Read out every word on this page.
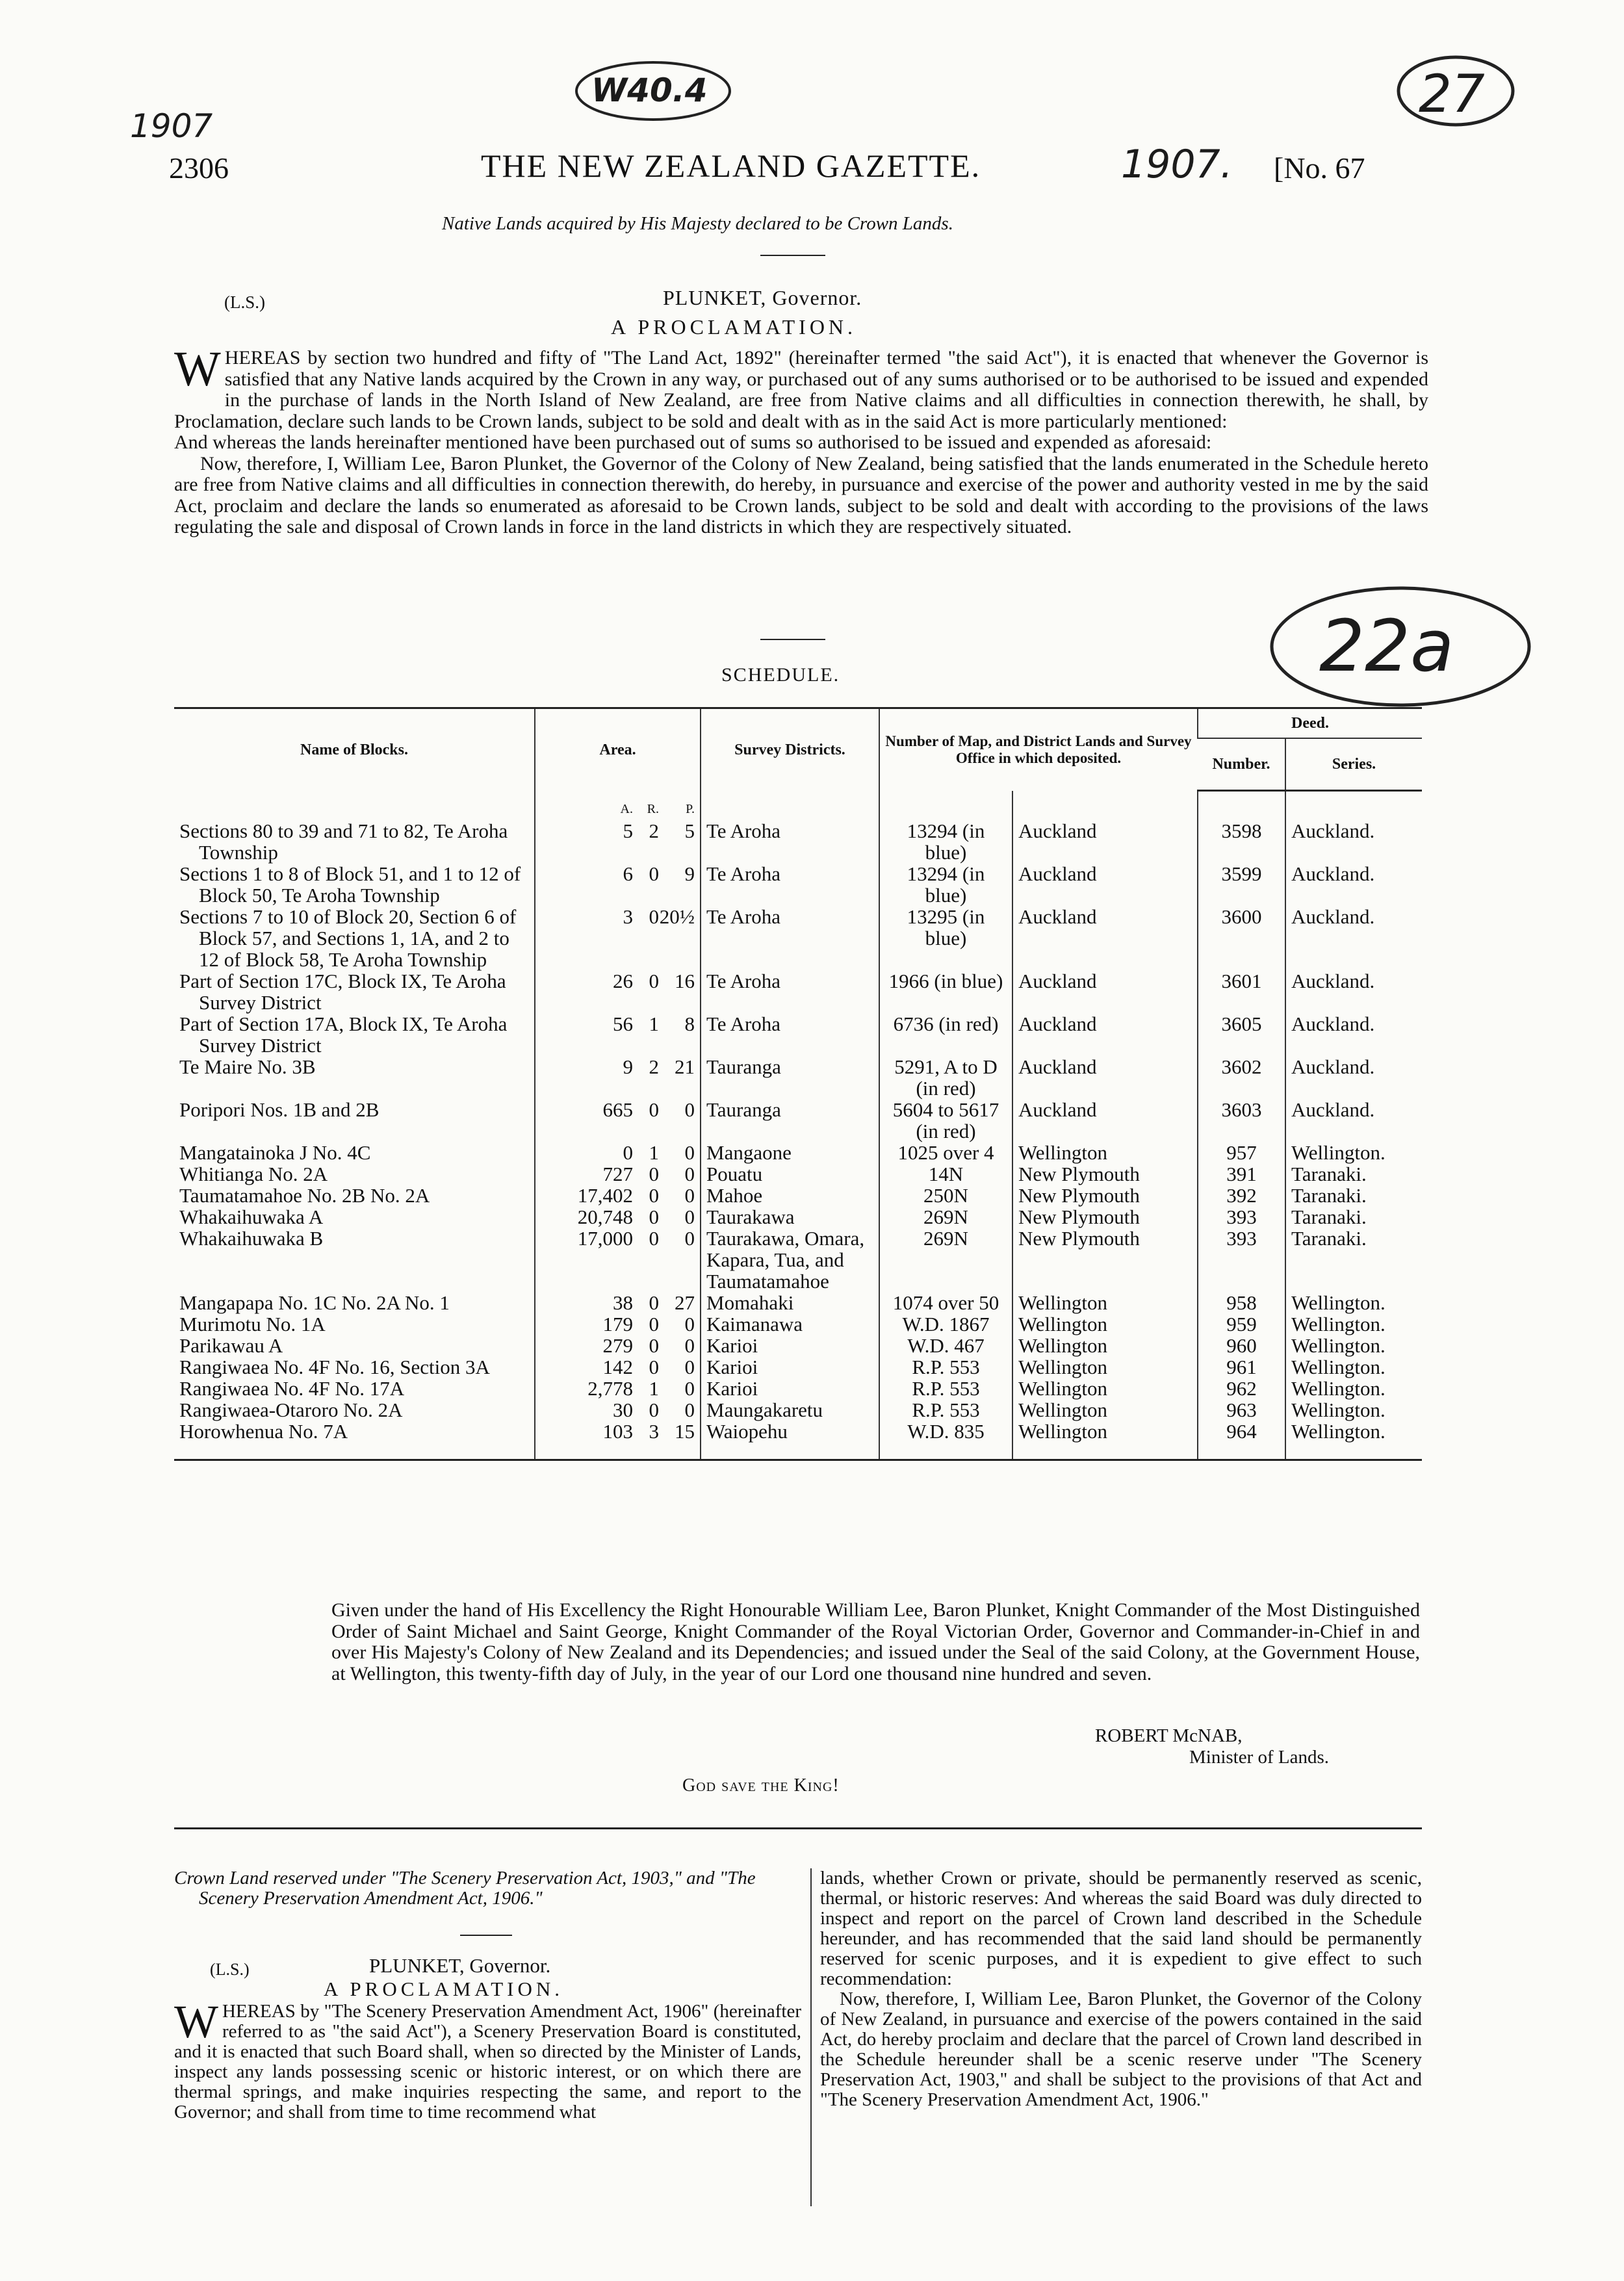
1907
W40.4	27
22a
2306	THE NEW ZEALAND GAZETTE.	1907. [No. 67
Native Lands acquired by His Majesty declared to be Crown Lands.
(L.S.)	PLUNKET, Governor.
A PROCLAMATION.

WHEREAS by section two hundred and fifty of "The Land Act, 1892" (hereinafter termed "the said Act"), it is enacted that whenever the Governor is satisfied that any Native lands acquired by the Crown in any way, or purchased out of any sums authorised or to be authorised to be issued and expended in the purchase of lands in the North Island of New Zealand, are free from Native claims and all difficulties in connection therewith, he shall, by Proclamation, declare such lands to be Crown lands, subject to be sold and dealt with as in the said Act is more particularly mentioned:

And whereas the lands hereinafter mentioned have been purchased out of sums so authorised to be issued and expended as aforesaid:

Now, therefore, I, William Lee, Baron Plunket, the Governor of the Colony of New Zealand, being satisfied that the lands enumerated in the Schedule hereto are free from Native claims and all difficulties in connection therewith, do hereby, in pursuance and exercise of the power and authority vested in me by the said Act, proclaim and declare the lands so enumerated as aforesaid to be Crown lands, subject to be sold and dealt with according to the provisions of the laws regulating the sale and disposal of Crown lands in force in the land districts in which they are respectively situated.

SCHEDULE.
Name of Blocks.	Area.	Survey Districts.	Number of Map, and District Lands and Survey Office in which deposited.		Deed.	
					Number.	Series.
	A. R. P.					
Sections 80 to 39 and 71 to 82, Te Aroha Township	5 2 5	Te Aroha	13294 (in blue)	Auckland	3598	Auckland.
Sections 1 to 8 of Block 51, and 1 to 12 of Block 50, Te Aroha Township	6 0 9	Te Aroha	13294 (in blue)	Auckland	3599	Auckland.
Sections 7 to 10 of Block 20, Section 6 of Block 57, and Sections 1, 1A, and 2 to 12 of Block 58, Te Aroha Township	3 020½	Te Aroha	13295 (in blue)	Auckland	3600	Auckland.
Part of Section 17C, Block IX, Te Aroha Survey District	26 0 16	Te Aroha	1966 (in blue)	Auckland	3601	Auckland.
Part of Section 17A, Block IX, Te Aroha Survey District	56 1 8	Te Aroha	6736 (in red)	Auckland	3605	Auckland.
Te Maire No. 3B	9 2 21	Tauranga	5291, A to D (in red)	Auckland	3602	Auckland.
Poripori Nos. 1B and 2B	665 0 0	Tauranga	5604 to 5617 (in red)	Auckland	3603	Auckland.
Mangatainoka J No. 4C	0 1 0	Mangaone	1025 over 4	Wellington	957	Wellington.
Whitianga No. 2A	727 0 0	Pouatu	14N	New Plymouth	391	Taranaki.
Taumatamahoe No. 2B No. 2A	17,402 0 0	Mahoe	250N	New Plymouth	392	Taranaki.
Whakaihuwaka A	20,748 0 0	Taurakawa	269N	New Plymouth	393	Taranaki.
Whakaihuwaka B	17,000 0 0	Taurakawa, Omara, Kapara, Tua, and Taumatamahoe	269N	New Plymouth	393	Taranaki.
Mangapapa No. 1C No. 2A No. 1	38 0 27	Momahaki	1074 over 50	Wellington	958	Wellington.
Murimotu No. 1A	179 0 0	Kaimanawa	W.D. 1867	Wellington	959	Wellington.
Parikawau A	279 0 0	Karioi	W.D. 467	Wellington	960	Wellington.
Rangiwaea No. 4F No. 16, Section 3A	142 0 0	Karioi	R.P. 553	Wellington	961	Wellington.
Rangiwaea No. 4F No. 17A	2,778 1 0	Karioi	R.P. 553	Wellington	962	Wellington.
Rangiwaea-Otaroro No. 2A	30 0 0	Maungakaretu	R.P. 553	Wellington	963	Wellington.
Horowhenua No. 7A	103 3 15	Waiopehu	W.D. 835	Wellington	964	Wellington.
Given under the hand of His Excellency the Right Honourable William Lee, Baron Plunket, Knight Commander of the Most Distinguished Order of Saint Michael and Saint George, Knight Commander of the Royal Victorian Order, Governor and Commander-in-Chief in and over His Majesty's Colony of New Zealand and its Dependencies; and issued under the Seal of the said Colony, at the Government House, at Wellington, this twenty-fifth day of July, in the year of our Lord one thousand nine hundred and seven.
ROBERT McNAB,
Minister of Lands.
God save the King!

Crown Land reserved under "The Scenery Preservation Act, 1903," and "The Scenery Preservation Amendment Act, 1906."

(L.S.)	PLUNKET, Governor.

A PROCLAMATION.

WHEREAS by "The Scenery Preservation Amendment Act, 1906" (hereinafter referred to as "the said Act"), a Scenery Preservation Board is constituted, and it is enacted that such Board shall, when so directed by the Minister of Lands, inspect any lands possessing scenic or historic interest, or on which there are thermal springs, and make inquiries respecting the same, and report to the Governor; and shall from time to time recommend what

lands, whether Crown or private, should be permanently reserved as scenic, thermal, or historic reserves: And whereas the said Board was duly directed to inspect and report on the parcel of Crown land described in the Schedule hereunder, and has recommended that the said land should be permanently reserved for scenic purposes, and it is expedient to give effect to such recommendation:

Now, therefore, I, William Lee, Baron Plunket, the Governor of the Colony of New Zealand, in pursuance and exercise of the powers contained in the said Act, do hereby proclaim and declare that the parcel of Crown land described in the Schedule hereunder shall be a scenic reserve under "The Scenery Preservation Act, 1903," and shall be subject to the provisions of that Act and "The Scenery Preservation Amendment Act, 1906."
